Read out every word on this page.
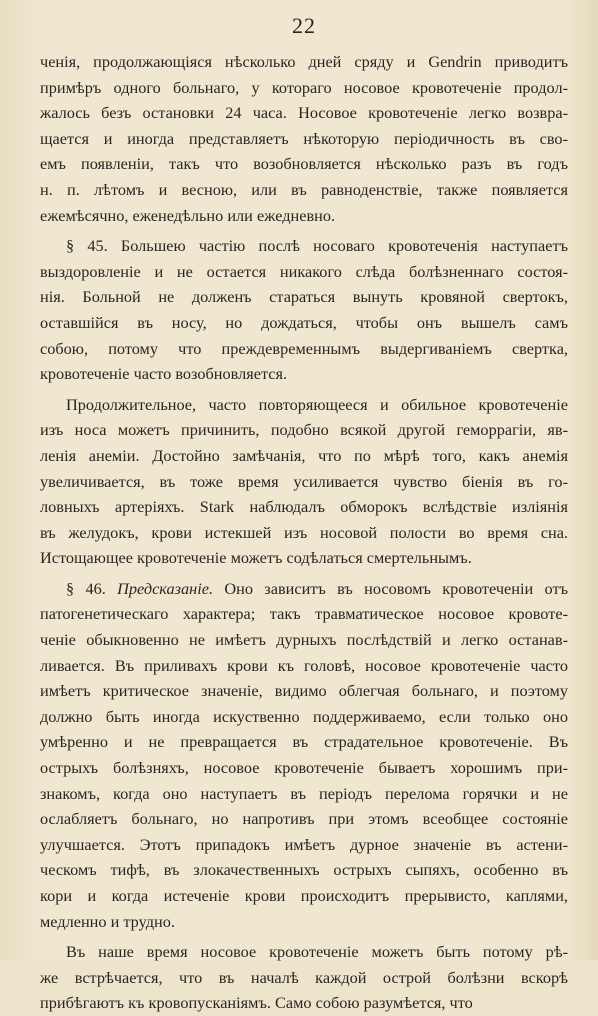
22
ченія, продолжающіяся нѣсколько дней сряду и Gendrin приводитъ
примѣръ одного больнаго, у котораго носовое кровотеченіе продол-
жалось безъ остановки 24 часа. Носовое кровотеченіе легко возвра-
щается и иногда представляетъ нѣкоторую періодичность въ сво-
емъ появленіи, такъ что возобновляется нѣсколько разъ въ годъ
н. п. лѣтомъ и весною, или въ равноденствіе, также появляется
ежемѣсячно, еженедѣльно или ежедневно.
§ 45. Большею частію послѣ носоваго кровотеченія наступаетъ
выздоровленіе и не остается никакого слѣда болѣзненнаго состоя-
нія. Больной не долженъ стараться вынуть кровяной свертокъ,
оставшійся въ носу, но дождаться, чтобы онъ вышелъ самъ
собою, потому что преждевременнымъ выдергиваніемъ свертка,
кровотеченіе часто возобновляется.
Продолжительное, часто повторяющееся и обильное кровотеченіе
изъ носа можетъ причинить, подобно всякой другой геморрагіи, яв-
ленія анеміи. Достойно замѣчанія, что по мѣрѣ того, какъ анемія
увеличивается, въ тоже время усиливается чувство біенія въ го-
ловныхъ артеріяхъ. Stark наблюдалъ обморокъ вслѣдствіе изліянія
въ желудокъ, крови истекшей изъ носовой полости во время сна.
Истощающее кровотеченіе можетъ содѣлаться смертельнымъ.
§ 46. Предсказаніе. Оно зависитъ въ носовомъ кровотеченіи отъ
патогенетическаго характера; такъ травматическое носовое кровоте-
ченіе обыкновенно не имѣетъ дурныхъ послѣдствій и легко останав-
ливается. Въ приливахъ крови къ головѣ, носовое кровотеченіе часто
имѣетъ критическое значеніе, видимо облегчая больнаго, и поэтому
должно быть иногда искуственно поддерживаемо, если только оно
умѣренно и не превращается въ страдательное кровотеченіе. Въ
острыхъ болѣзняхъ, носовое кровотеченіе бываетъ хорошимъ при-
знакомъ, когда оно наступаетъ въ періодъ перелома горячки и не
ослабляетъ больнаго, но напротивъ при этомъ всеобщее состояніе
улучшается. Этотъ припадокъ имѣетъ дурное значеніе въ астени-
ческомъ тифѣ, въ злокачественныхъ острыхъ сыпяхъ, особенно въ
кори и когда истеченіе крови происходитъ прерывисто, каплями,
медленно и трудно.
Въ наше время носовое кровотеченіе можетъ быть потому рѣ-
же встрѣчается, что въ началѣ каждой острой болѣзни вскорѣ
прибѣгаютъ къ кровопусканіямъ. Само собою разумѣется, что
